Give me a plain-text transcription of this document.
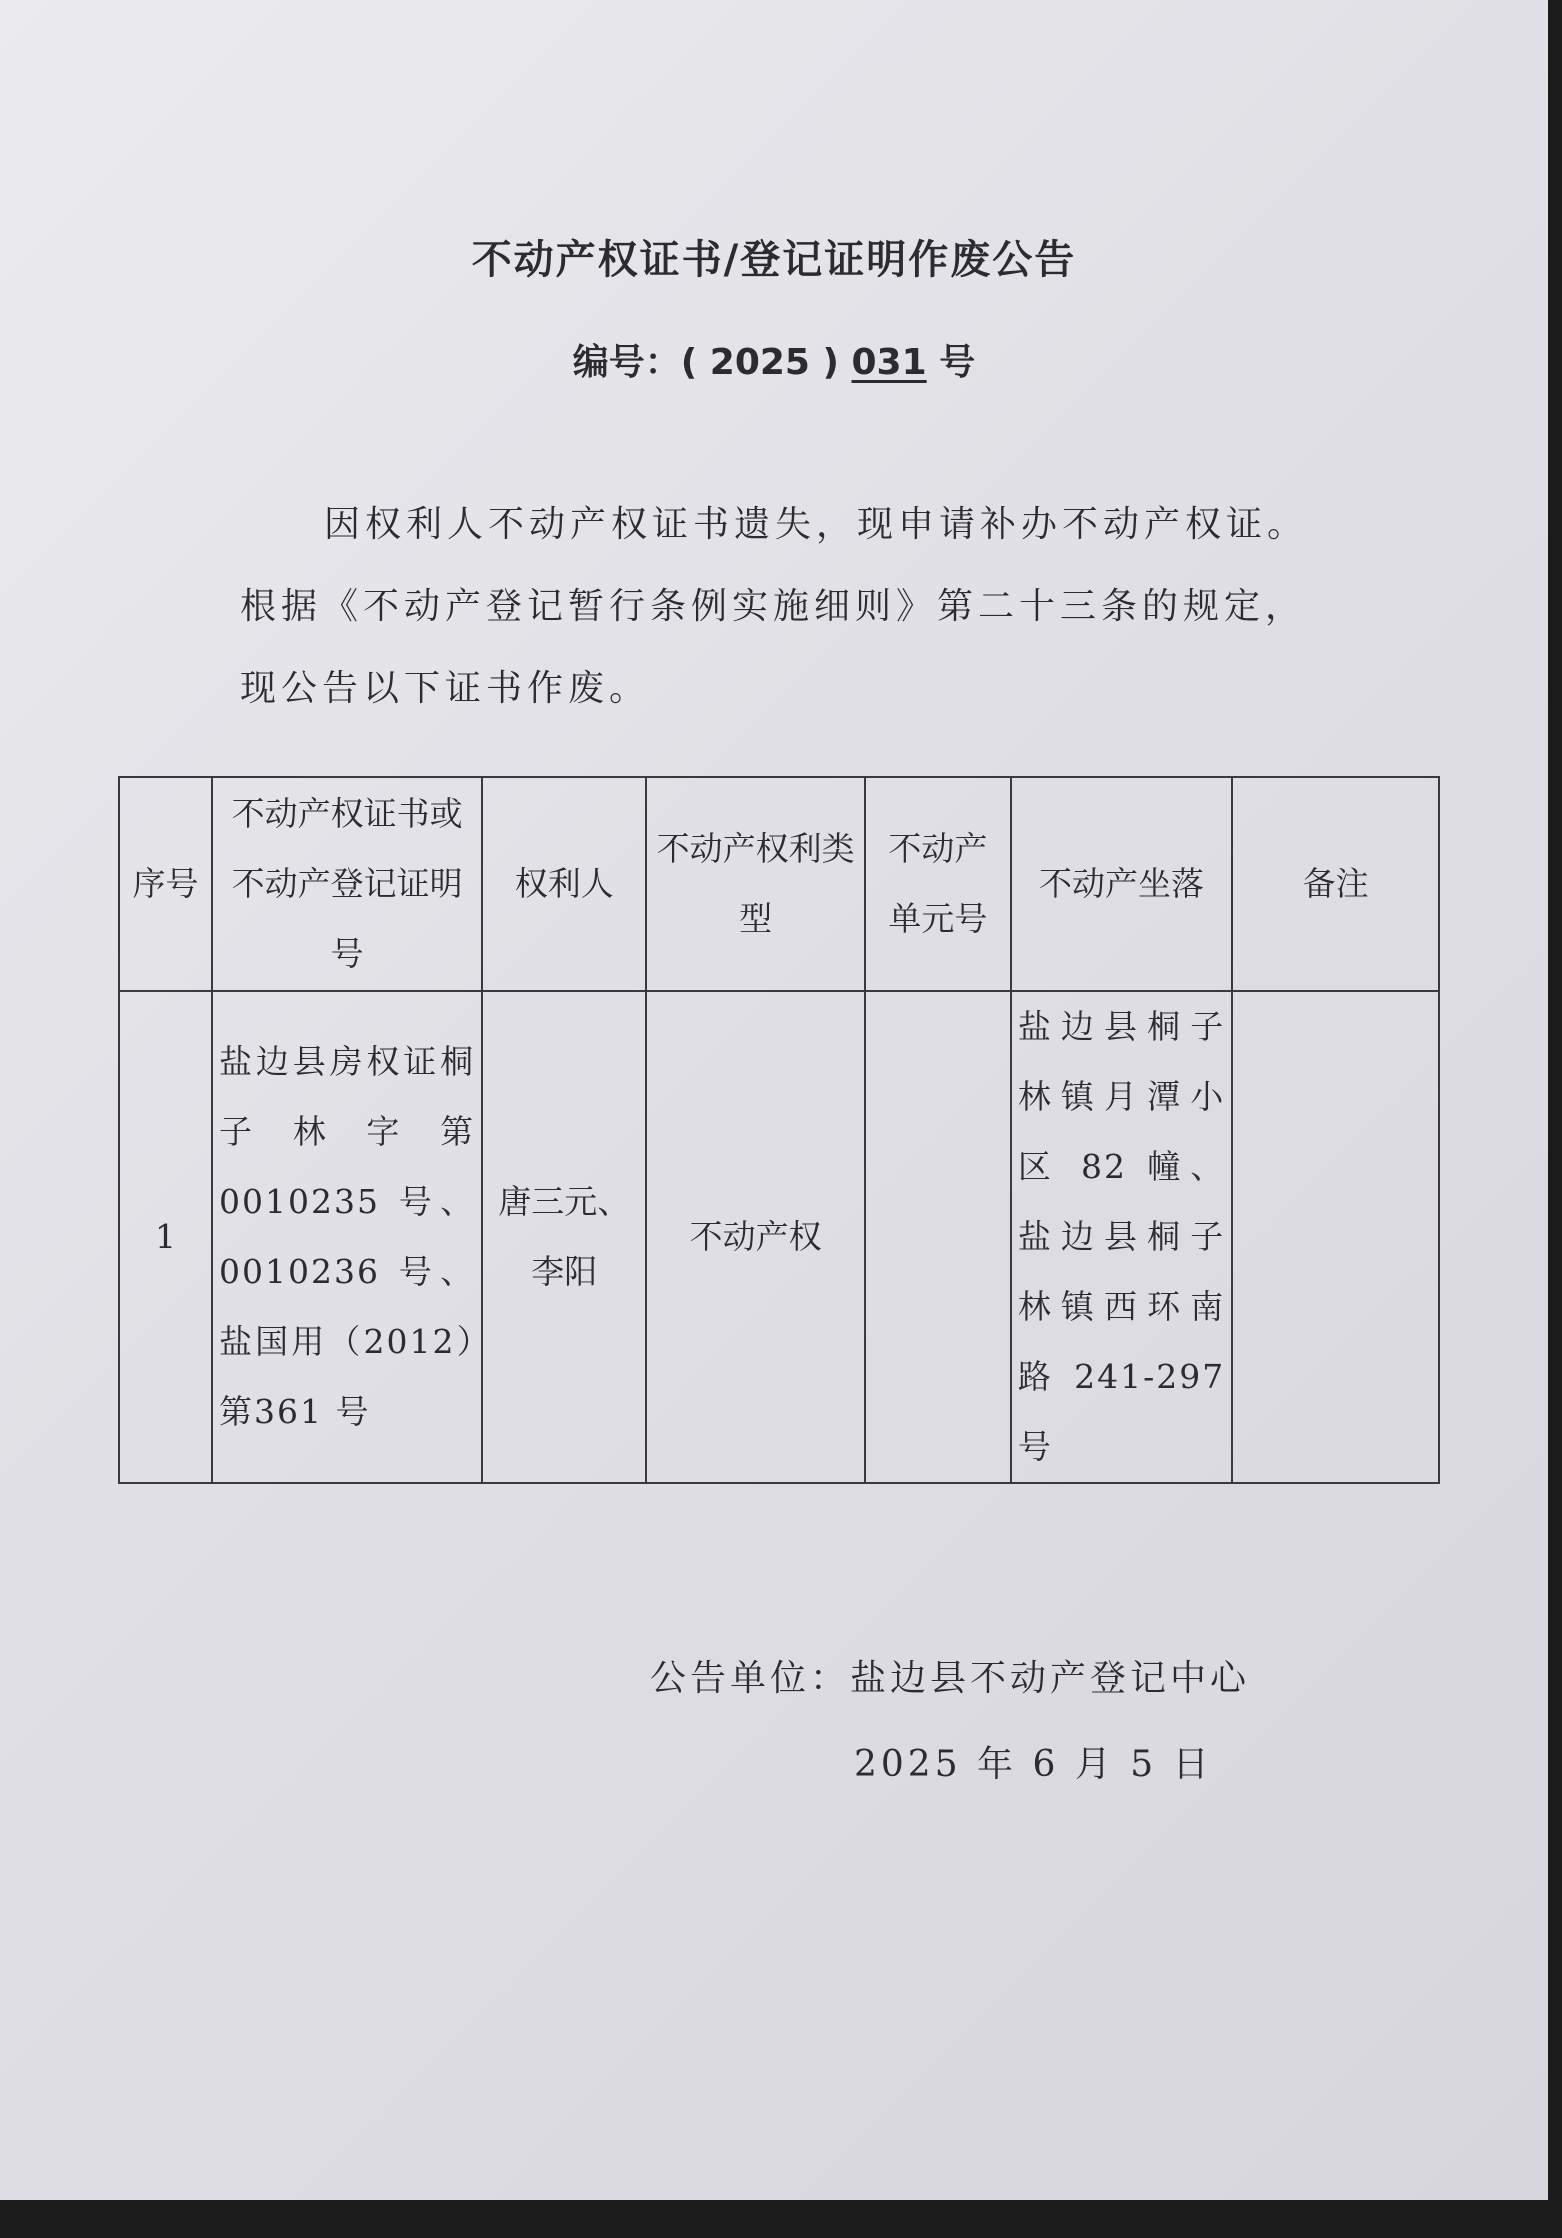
不动产权证书/登记证明作废公告
编号：( 2025 ) 031 号
因权利人不动产权证书遗失，现申请补办不动产权证。
根据《不动产登记暂行条例实施细则》第二十三条的规定，
现公告以下证书作废。
序号	不动产权证书或不动产登记证明号	权利人	不动产权利类 型	不动产单元号	不动产坐落	备注
1	盐边县房权证桐子林字第0010235 号、0010236 号、盐国用（2012）第361 号	唐三元、李阳	不动产权		盐边县桐子林镇月潭小区 82 幢、盐边县桐子林镇西环南路241-297 号	
公告单位：盐边县不动产登记中心
2025 年 6 月 5 日
